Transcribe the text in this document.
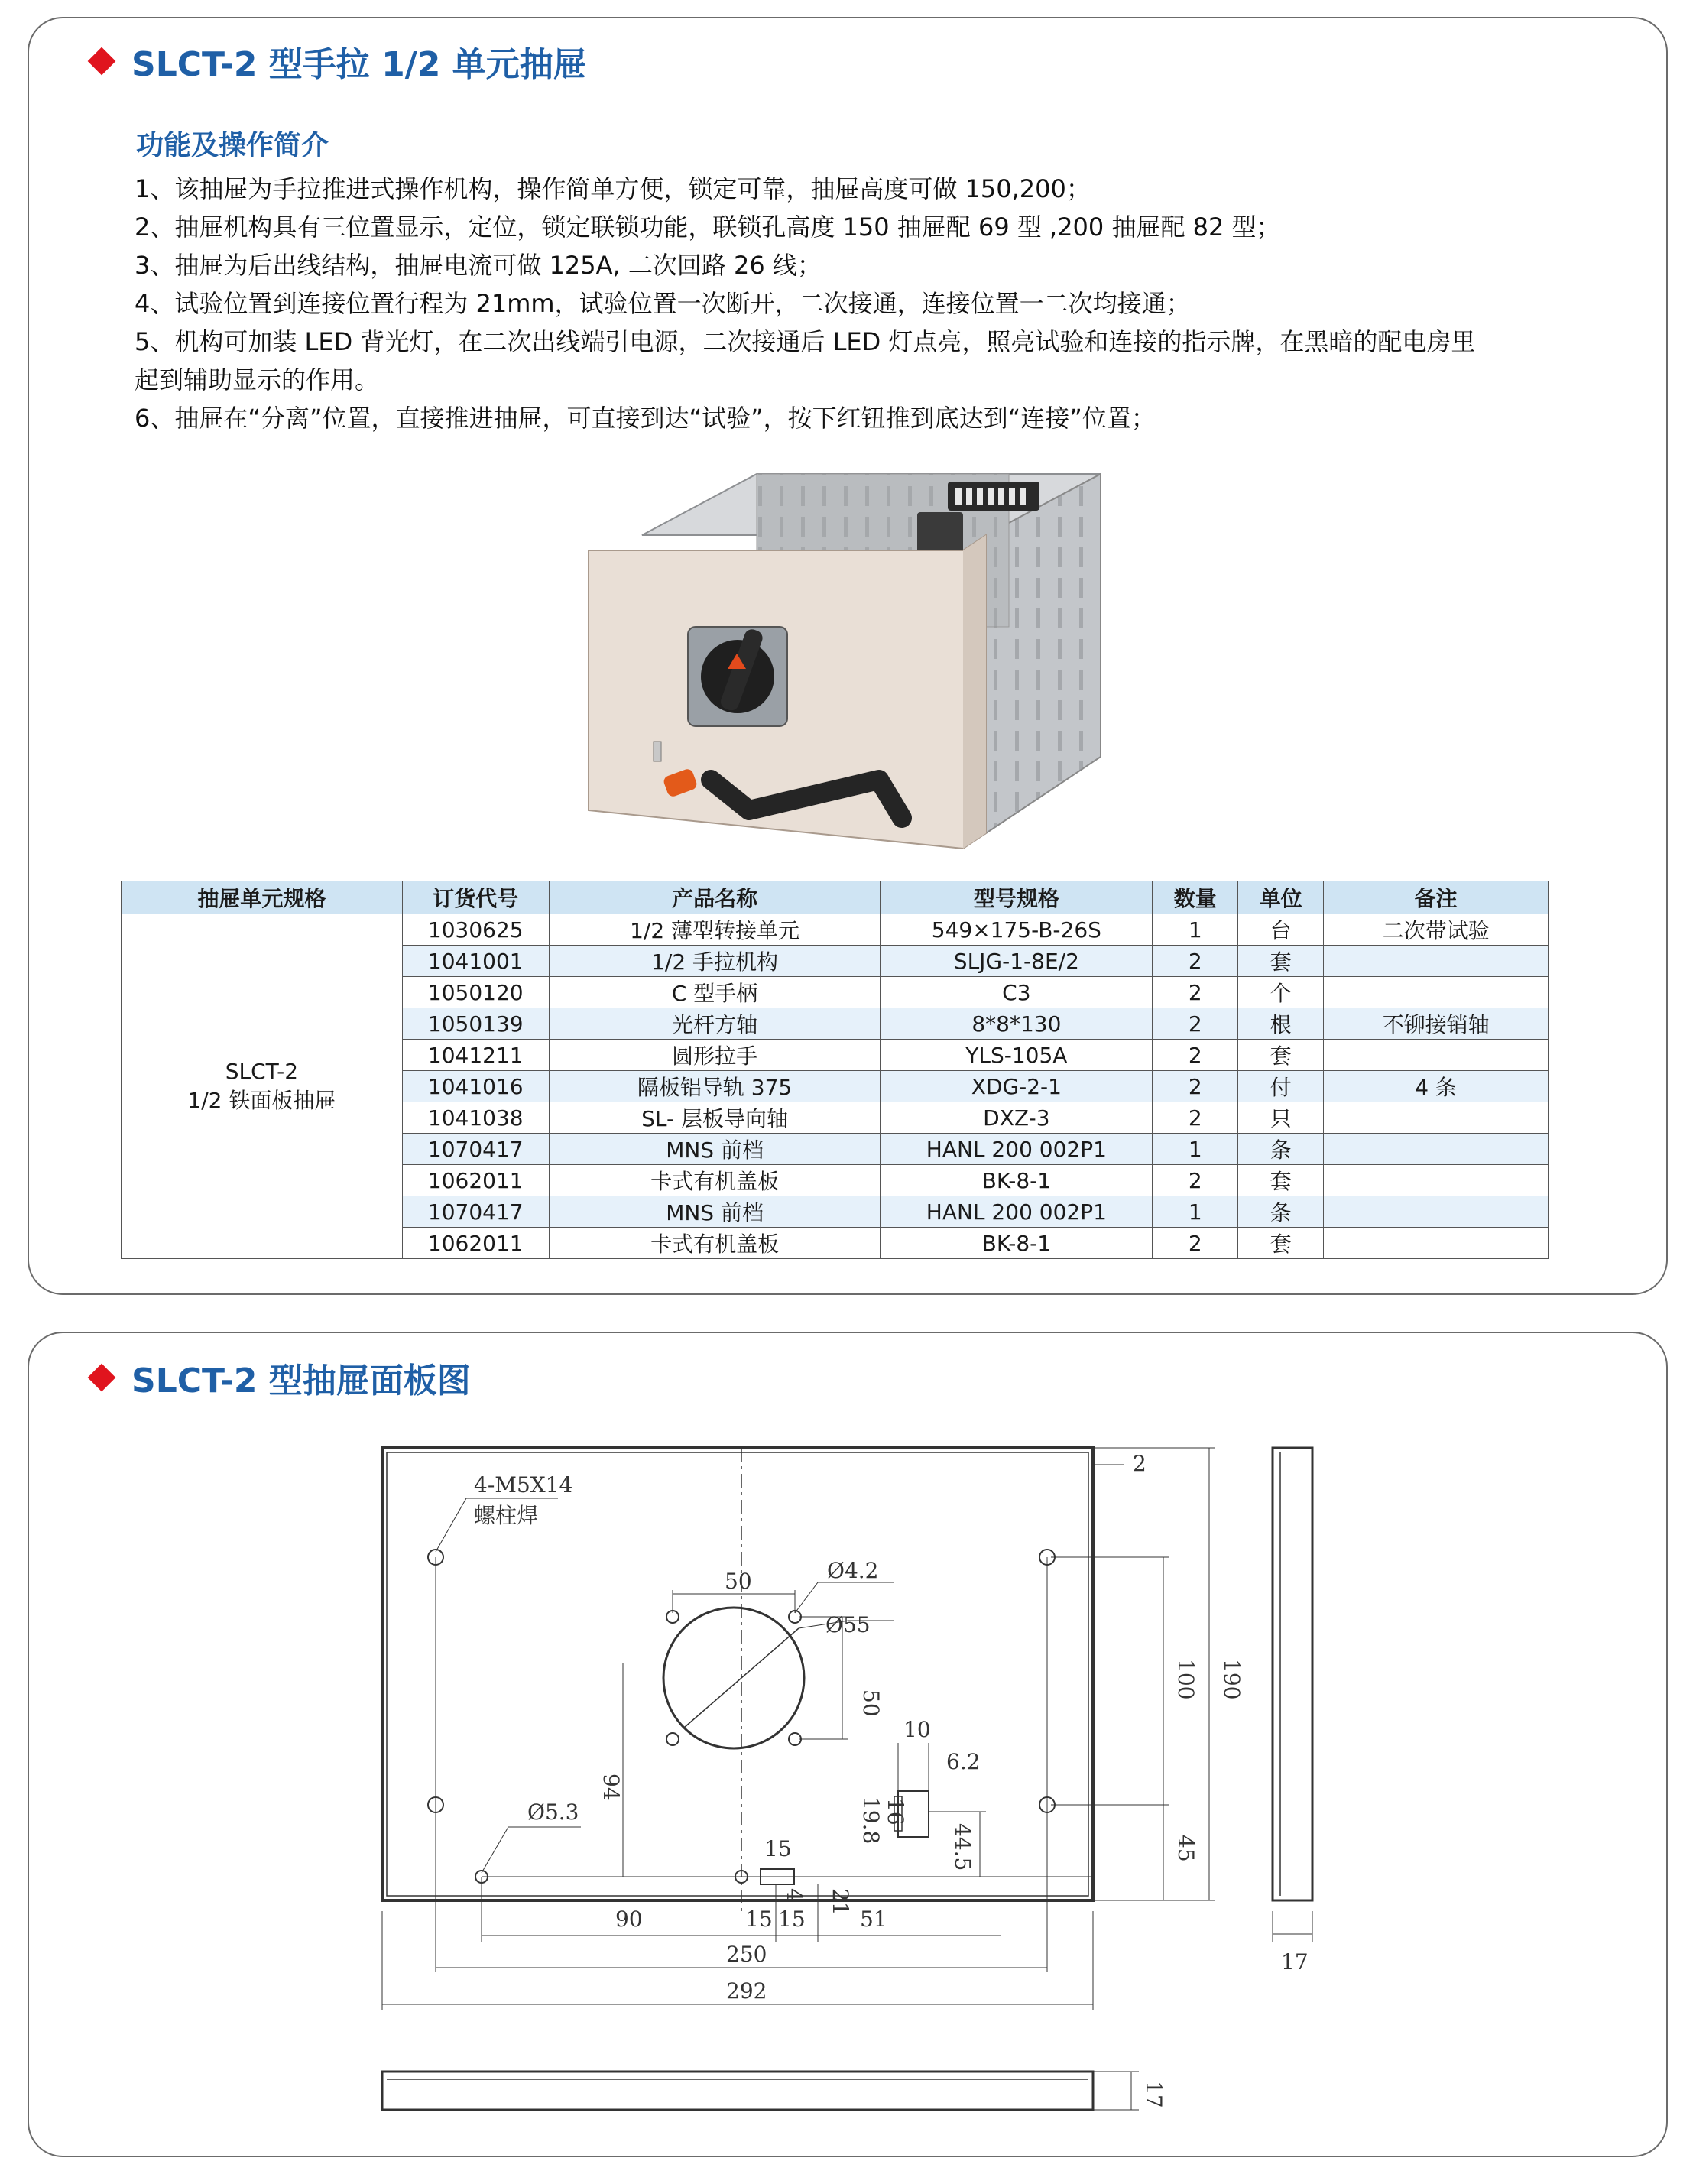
SLCT-2 型手拉 1/2 单元抽屉
功能及操作简介
1、该抽屉为手拉推进式操作机构，操作简单方便，锁定可靠，抽屉高度可做 150,200；
2、抽屉机构具有三位置显示，定位，锁定联锁功能，联锁孔高度 150 抽屉配 69 型 ,200 抽屉配 82 型；
3、抽屉为后出线结构，抽屉电流可做 125A, 二次回路 26 线；
4、试验位置到连接位置行程为 21mm，试验位置一次断开，二次接通，连接位置一二次均接通；
5、机构可加装 LED 背光灯，在二次出线端引电源，二次接通后 LED 灯点亮，照亮试验和连接的指示牌，在黑暗的配电房里
起到辅助显示的作用。
6、抽屉在“分离”位置，直接推进抽屉，可直接到达“试验”，按下红钮推到底达到“连接”位置；
抽屉单元规格	订货代号	产品名称	型号规格	数量	单位	备注

SLCT-2
1/2 铁面板抽屉	1030625	1/2 薄型转接单元	549×175-B-26S	1	台	二次带试验
	1041001	1/2 手拉机构	SLJG-1-8E/2	2	套	
	1050120	C 型手柄	C3	2	个	
	1050139	光杆方轴	8*8*130	2	根	不铆接销轴
	1041211	圆形拉手	YLS-105A	2	套	
	1041016	隔板铝导轨 375	XDG-2-1	2	付	4 条
	1041038	SL- 层板导向轴	DXZ-3	2	只	
	1070417	MNS 前档	HANL 200 002P1	1	条	
	1062011	卡式有机盖板	BK-8-1	2	套	
	1070417	MNS 前档	HANL 200 002P1	1	条	
	1062011	卡式有机盖板	BK-8-1	2	套	
SLCT-2 型抽屉面板图
4-M5X14
螺柱焊
50	Ø4.2
Ø55
50
94
Ø5.3
15
4 21
10
6.2
19.8 16
44.5
2
100 190
45
90	15 15	51
250
292
17
17
